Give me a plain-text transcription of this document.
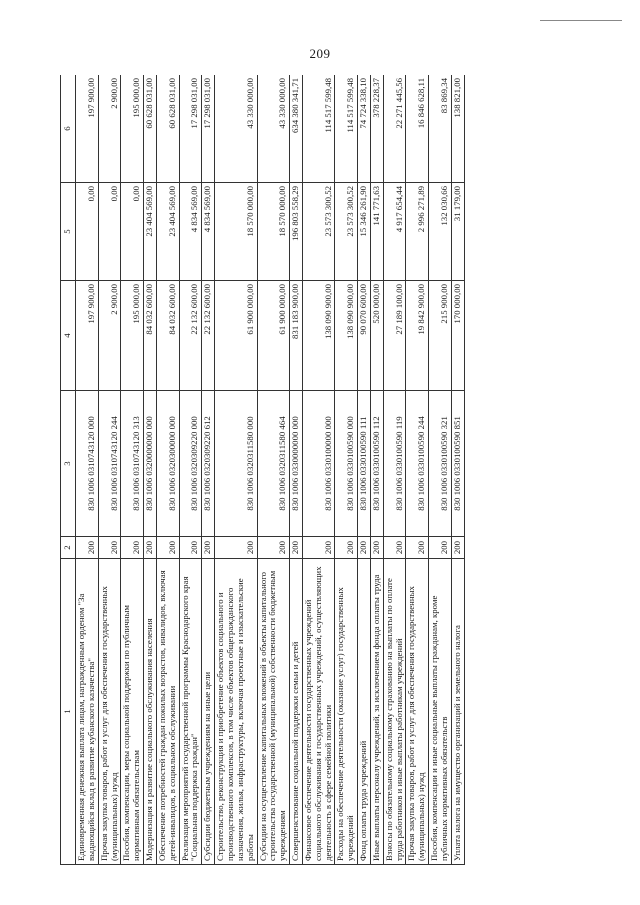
209
1	2	3	4	5	6
Единовременная денежная выплата лицам, награжденным орденом "За выдающийся вклад в развитие кубанского казачества"	200	830 1006 0310743120 000	197 900,00	0,00	197 900,00
Прочая закупка товаров, работ и услуг для обеспечения государственных (муниципальных) нужд	200	830 1006 0310743120 244	2 900,00	0,00	2 900,00
Пособия, компенсации, меры социальной поддержки по публичным нормативным обязательствам	200	830 1006 0310743120 313	195 000,00	0,00	195 000,00
Модернизация и развитие социального обслуживания населения	200	830 1006 0320000000 000	84 032 600,00	23 404 569,00	60 628 031,00
Обеспечение потребностей граждан пожилых возрастов, инвалидов, включая детей-инвалидов, в социальном обслуживании	200	830 1006 0320300000 000	84 032 600,00	23 404 569,00	60 628 031,00
Реализация мероприятий государственной программы Краснодарского края "Социальная поддержка граждан"	200	830 1006 0320309220 000	22 132 600,00	4 834 569,00	17 298 031,00
Субсидии бюджетным учреждениям на иные цели	200	830 1006 0320309220 612	22 132 600,00	4 834 569,00	17 298 031,00
Строительство, реконструкция и приобретение объектов социального и производственного комплексов, в том числе объектов общегражданского назначения, жилья, инфраструктуры, включая проектные и изыскательские работы	200	830 1006 0320311580 000	61 900 000,00	18 570 000,00	43 330 000,00
Субсидии на осуществление капитальных вложений в объекты капитального строительства государственной (муниципальной) собственности бюджетным учреждениям	200	830 1006 0320311580 464	61 900 000,00	18 570 000,00	43 330 000,00
Совершенствование социальной поддержки семьи и детей	200	830 1006 0330000000 000	831 183 900,00	196 803 558,29	634 380 341,71
Финансовое обеспечение деятельности государственных учреждений социального обслуживания и государственных учреждений, осуществляющих деятельность в сфере семейной политики	200	830 1006 0330100000 000	138 090 900,00	23 573 300,52	114 517 599,48
Расходы на обеспечение деятельности (оказание услуг) государственных учреждений	200	830 1006 0330100590 000	138 090 900,00	23 573 300,52	114 517 599,48
Фонд оплаты труда учреждений	200	830 1006 0330100590 111	90 070 600,00	15 346 261,90	74 724 338,10
Иные выплаты персоналу учреждений, за исключением фонда оплаты труда	200	830 1006 0330100590 112	520 000,00	141 771,63	378 228,37
Взносы по обязательному социальному страхованию на выплаты по оплате труда работников и иные выплаты работникам учреждений	200	830 1006 0330100590 119	27 189 100,00	4 917 654,44	22 271 445,56
Прочая закупка товаров, работ и услуг для обеспечения государственных (муниципальных) нужд	200	830 1006 0330100590 244	19 842 900,00	2 996 271,89	16 846 628,11
Пособия, компенсации и иные социальные выплаты гражданам, кроме публичных нормативных обязательств	200	830 1006 0330100590 321	215 900,00	132 030,66	83 869,34
Уплата налога на имущество организаций и земельного налога	200	830 1006 0330100590 851	170 000,00	31 179,00	138 821,00
